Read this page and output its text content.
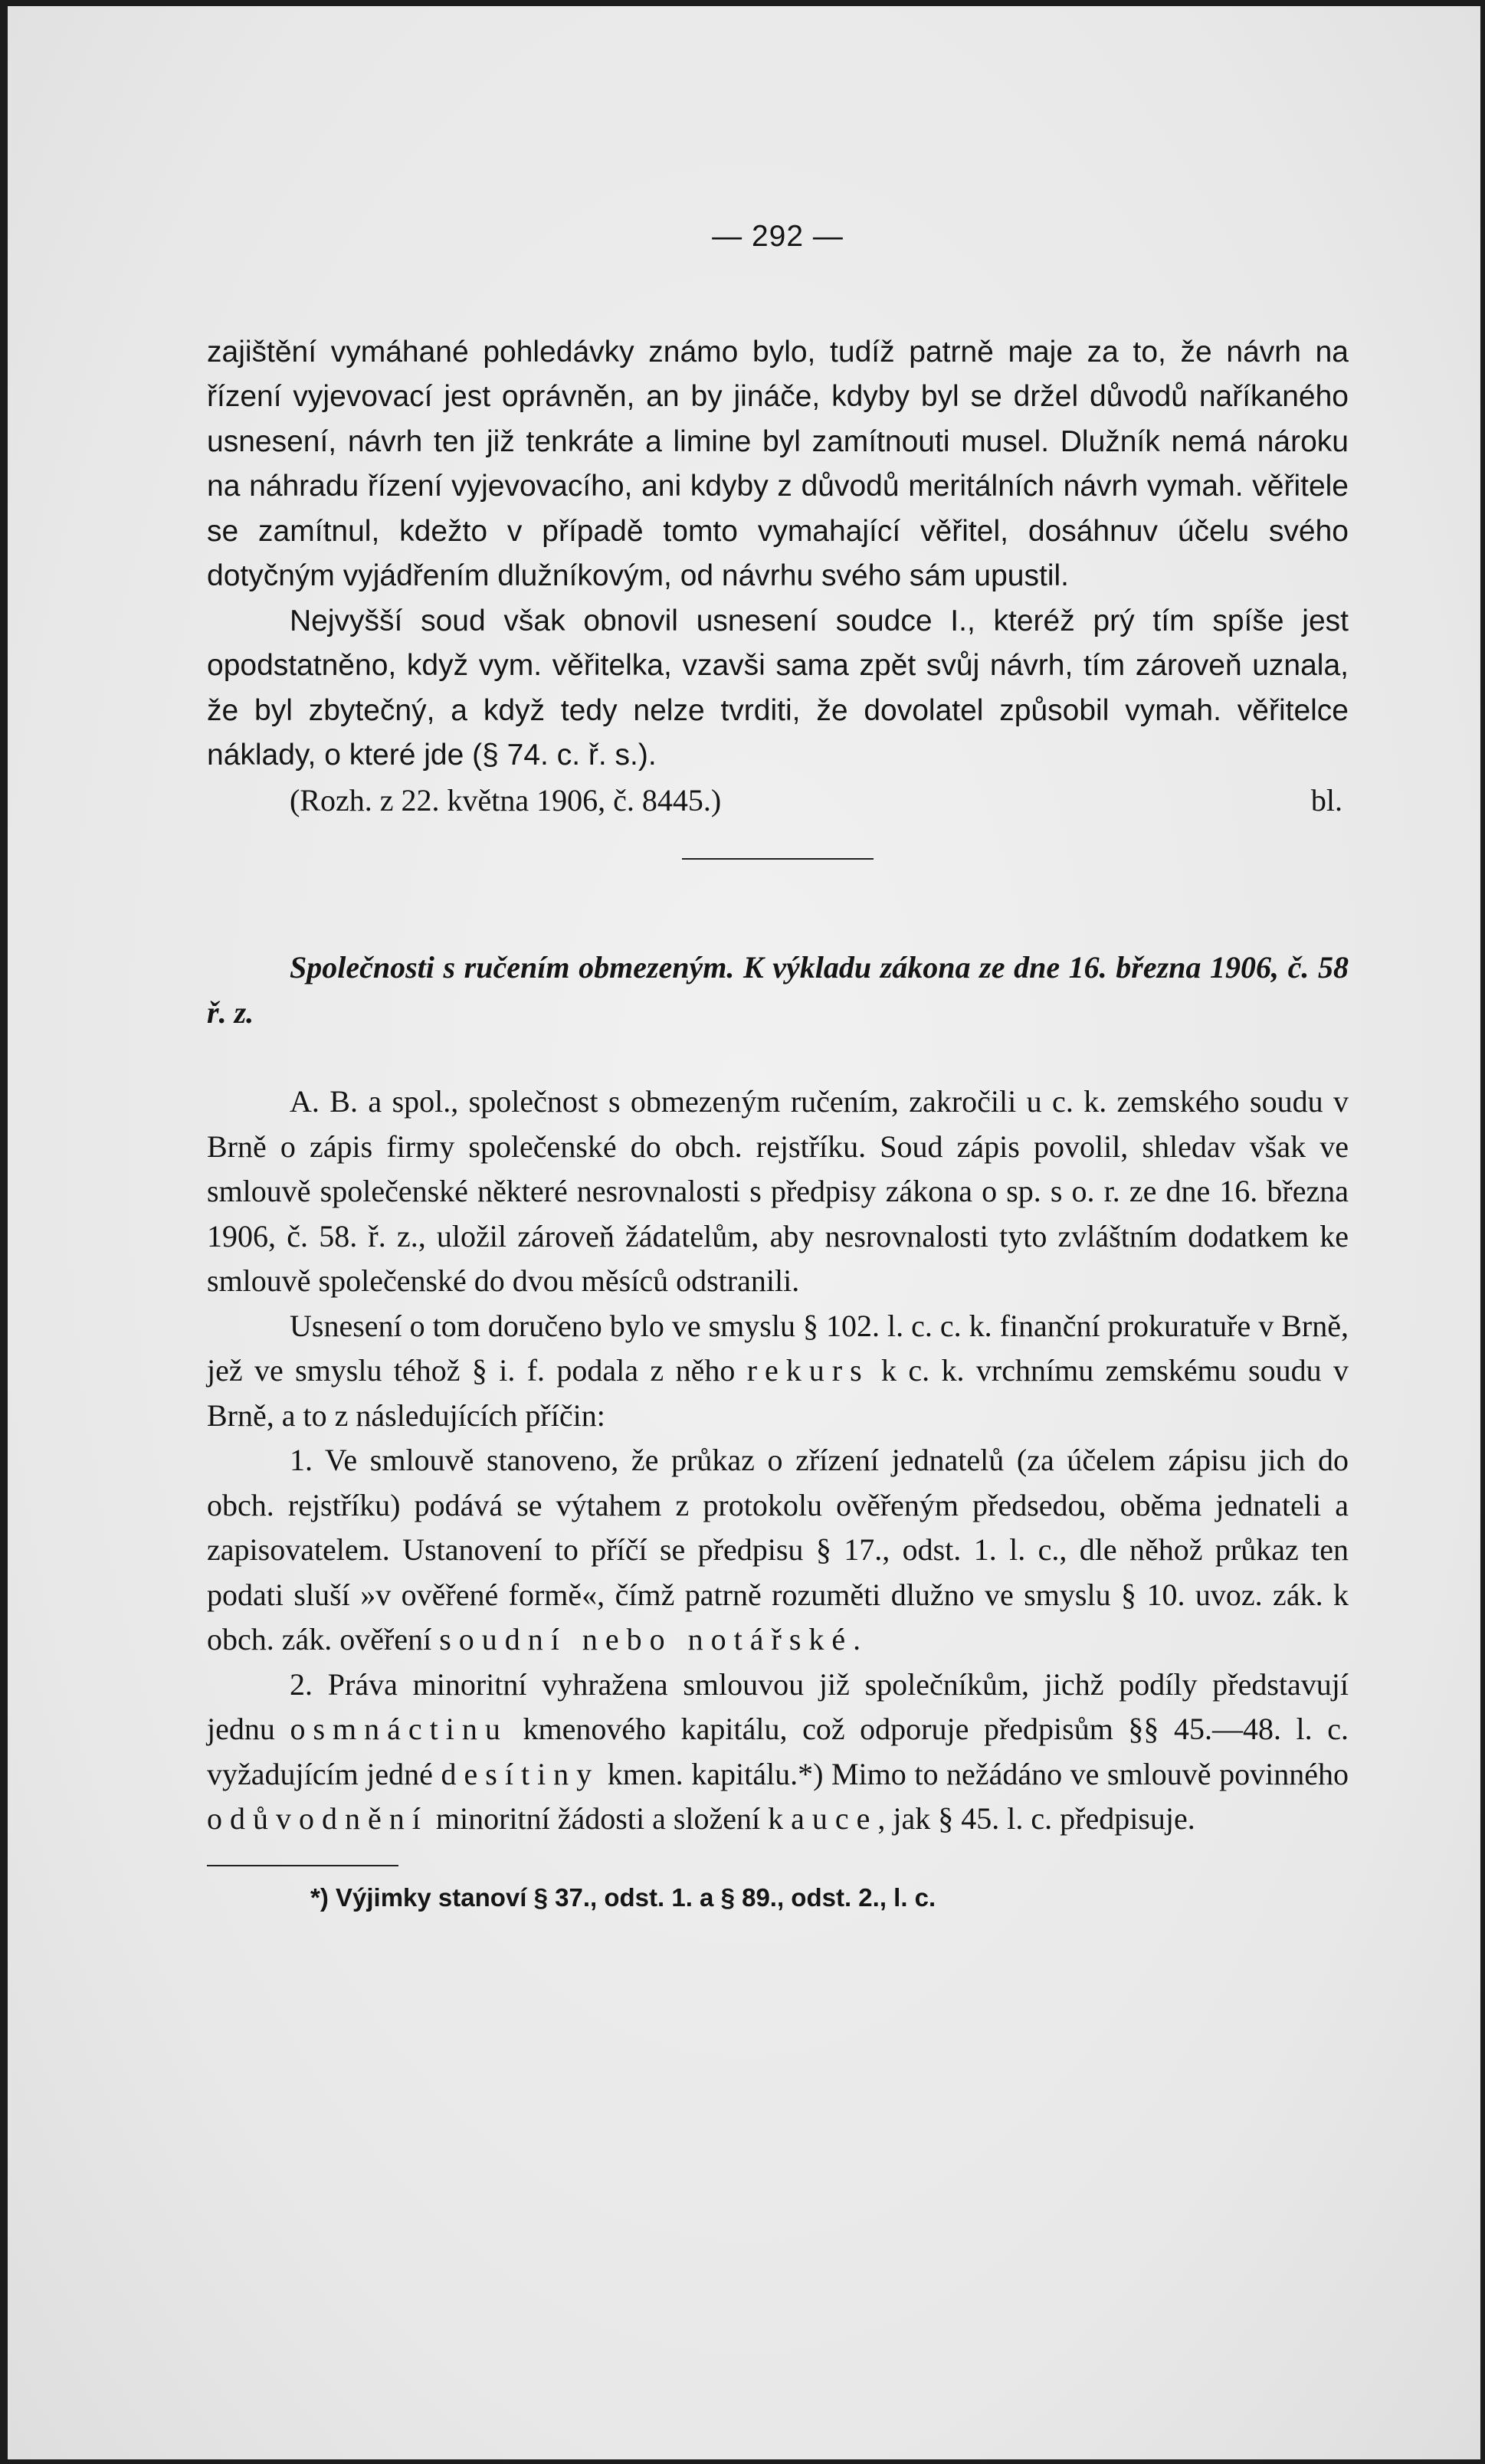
— 292 —

zajištění vymáhané pohledávky známo bylo, tudíž patrně maje za to, že návrh na řízení vyjevovací jest oprávněn, an by jináče, kdyby byl se držel důvodů naříkaného usnesení, návrh ten již tenkráte a limine byl zamítnouti musel. Dlužník nemá nároku na náhradu řízení vyjevovacího, ani kdyby z důvodů meritálních návrh vymah. věřitele se zamítnul, kdežto v případě tomto vymahající věřitel, dosáhnuv účelu svého dotyčným vyjádřením dlužníkovým, od návrhu svého sám upustil.

Nejvyšší soud však obnovil usnesení soudce I., kteréž prý tím spíše jest opodstatněno, když vym. věřitelka, vzavši sama zpět svůj návrh, tím zároveň uznala, že byl zbytečný, a když tedy nelze tvrditi, že dovolatel způsobil vymah. věřitelce náklady, o které jde (§ 74. c. ř. s.).

(Rozh. z 22. května 1906, č. 8445.)	bl.

Společnosti s ručením obmezeným. K výkladu zákona ze dne 16. března 1906, č. 58 ř. z.

A. B. a spol., společnost s obmezeným ručením, zakročili u c. k. zemského soudu v Brně o zápis firmy společenské do obch. rejstříku. Soud zápis povolil, shledav však ve smlouvě společenské některé nesrovnalosti s předpisy zákona o sp. s o. r. ze dne 16. března 1906, č. 58. ř. z., uložil zároveň žádatelům, aby nesrovnalosti tyto zvláštním dodatkem ke smlouvě společenské do dvou měsíců odstranili.

Usnesení o tom doručeno bylo ve smyslu § 102. l. c. c. k. finanční prokuratuře v Brně, jež ve smyslu téhož § i. f. podala z něho rekurs k c. k. vrchnímu zemskému soudu v Brně, a to z následujících příčin:

1. Ve smlouvě stanoveno, že průkaz o zřízení jednatelů (za účelem zápisu jich do obch. rejstříku) podává se výtahem z protokolu ověřeným předsedou, oběma jednateli a zapisovatelem. Ustanovení to příčí se předpisu § 17., odst. 1. l. c., dle něhož průkaz ten podati sluší »v ověřené formě«, čímž patrně rozuměti dlužno ve smyslu § 10. uvoz. zák. k obch. zák. ověření soudní nebo notářské.

2. Práva minoritní vyhražena smlouvou již společníkům, jichž podíly představují jednu osmnáctinu kmenového kapitálu, což odporuje předpisům §§ 45.—48. l. c. vyžadujícím jedné desítiny kmen. kapitálu.*) Mimo to nežádáno ve smlouvě povinného odůvodnění minoritní žádosti a složení kauce, jak § 45. l. c. předpisuje.

*) Výjimky stanoví § 37., odst. 1. a § 89., odst. 2., l. c.
